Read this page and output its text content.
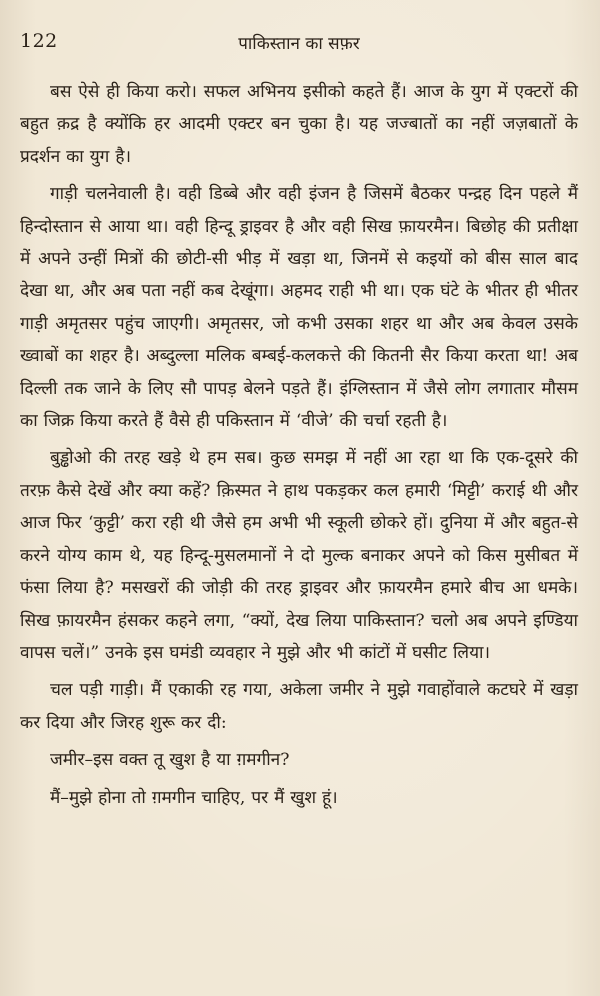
122	पाकिस्तान का सफ़र

बस ऐसे ही किया करो। सफल अभिनय इसीको कहते हैं। आज के युग में एक्टरों की बहुत क़द्र है क्योंकि हर आदमी एक्टर बन चुका है। यह जज्बातों का नहीं जज़बातों के प्रदर्शन का युग है।

गाड़ी चलनेवाली है। वही डिब्बे और वही इंजन है जिसमें बैठकर पन्द्रह दिन पहले मैं हिन्दोस्तान से आया था। वही हिन्दू ड्राइवर है और वही सिख फ़ायरमैन। बिछोह की प्रतीक्षा में अपने उन्हीं मित्रों की छोटी-सी भीड़ में खड़ा था, जिनमें से कइयों को बीस साल बाद देखा था, और अब पता नहीं कब देखूंगा। अहमद राही भी था। एक घंटे के भीतर ही भीतर गाड़ी अमृतसर पहुंच जाएगी। अमृतसर, जो कभी उसका शहर था और अब केवल उसके ख्वाबों का शहर है। अब्दुल्ला मलिक बम्बई-कलकत्ते की कितनी सैर किया करता था! अब दिल्ली तक जाने के लिए सौ पापड़ बेलने पड़ते हैं। इंग्लिस्तान में जैसे लोग लगातार मौसम का जिक्र किया करते हैं वैसे ही पकिस्तान में ‘वीजे’ की चर्चा रहती है।

बुड्ढोओ की तरह खड़े थे हम सब। कुछ समझ में नहीं आ रहा था कि एक-दूसरे की तरफ़ कैसे देखें और क्या कहें? क़िस्मत ने हाथ पकड़कर कल हमारी ‘मिट्टी’ कराई थी और आज फिर ‘कुट्टी’ करा रही थी जैसे हम अभी भी स्कूली छोकरे हों। दुनिया में और बहुत-से करने योग्य काम थे, यह हिन्दू-मुसलमानों ने दो मुल्क बनाकर अपने को किस मुसीबत में फंसा लिया है? मसखरों की जोड़ी की तरह ड्राइवर और फ़ायरमैन हमारे बीच आ धमके। सिख फ़ायरमैन हंसकर कहने लगा, “क्यों, देख लिया पाकिस्तान? चलो अब अपने इण्डिया वापस चलें।” उनके इस घमंडी व्यवहार ने मुझे और भी कांटों में घसीट लिया।

चल पड़ी गाड़ी। मैं एकाकी रह गया, अकेला जमीर ने मुझे गवाहोंवाले कटघरे में खड़ा कर दिया और जिरह शुरू कर दी:

जमीर–इस वक्त तू खुश है या ग़मगीन?

मैं–मुझे होना तो ग़मगीन चाहिए, पर मैं खुश हूं।
